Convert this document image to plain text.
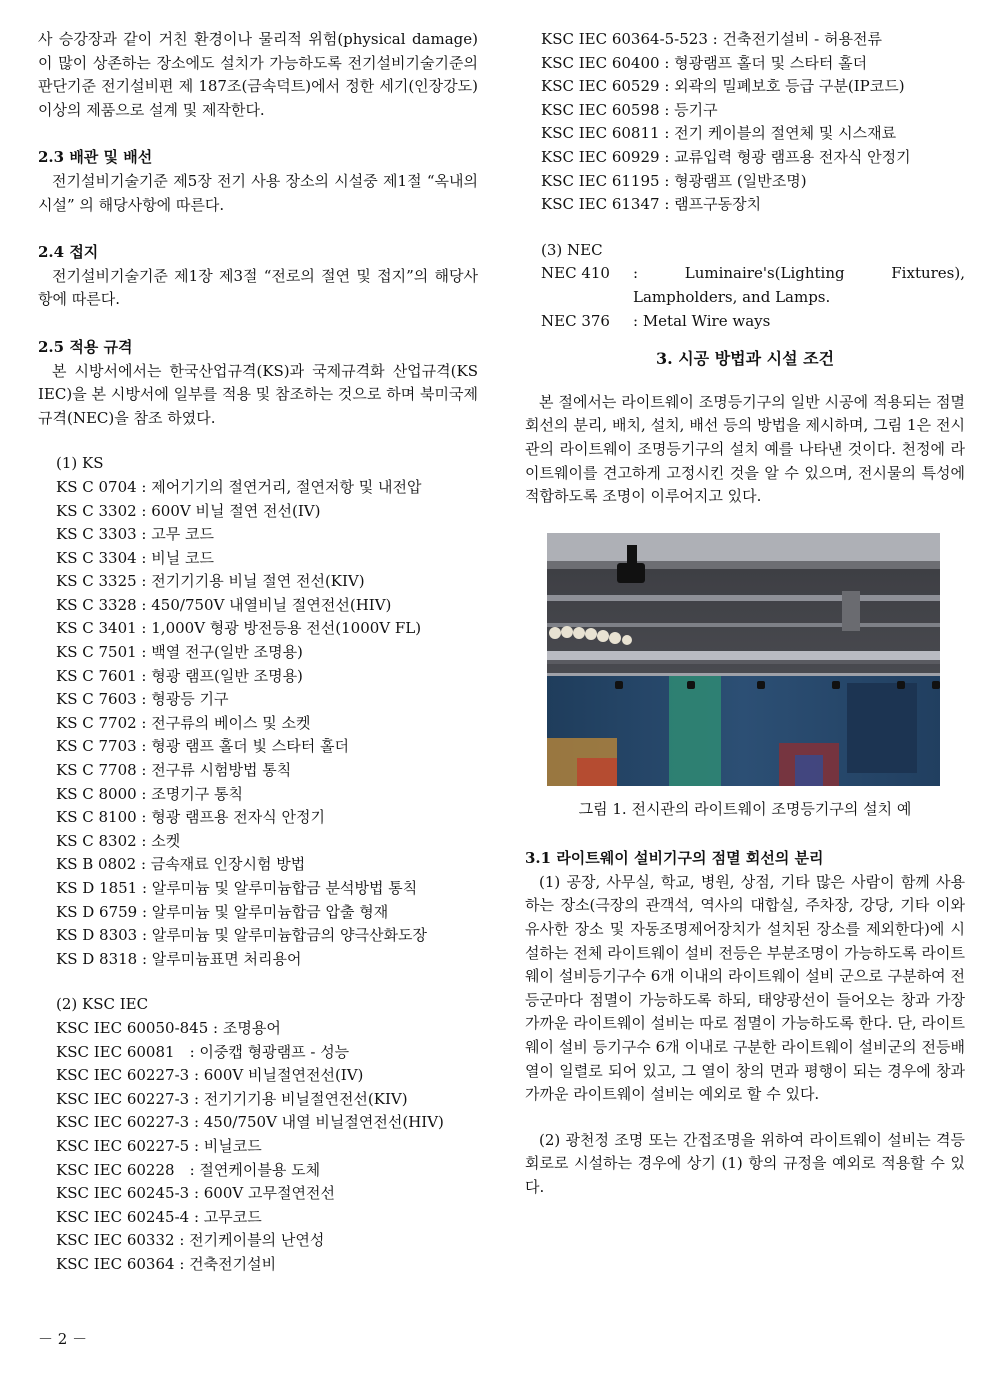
사 승강장과 같이 거친 환경이나 물리적 위험(physical damage)이 많이 상존하는 장소에도 설치가 가능하도록 전기설비기술기준의 판단기준 전기설비편 제 187조(금속덕트)에서 정한 세기(인장강도) 이상의 제품으로 설계 및 제작한다.

2.3 배관 및 배선

전기설비기술기준 제5장 전기 사용 장소의 시설중 제1절 “옥내의 시설” 의 해당사항에 따른다.

2.4 접지

전기설비기술기준 제1장 제3절 “전로의 절연 및 접지”의 해당사항에 따른다.

2.5 적용 규격

본 시방서에서는 한국산업규격(KS)과 국제규격화 산업규격(KS IEC)을 본 시방서에 일부를 적용 및 참조하는 것으로 하며 북미국제규격(NEC)을 참조 하였다.

(1) KS
KS C 0704 : 제어기기의 절연거리, 절연저항 및 내전압
KS C 3302 : 600V 비닐 절연 전선(IV)
KS C 3303 : 고무 코드
KS C 3304 : 비닐 코드
KS C 3325 : 전기기기용 비닐 절연 전선(KIV)
KS C 3328 : 450/750V 내열비닐 절연전선(HIV)
KS C 3401 : 1,000V 형광 방전등용 전선(1000V FL)
KS C 7501 : 백열 전구(일반 조명용)
KS C 7601 : 형광 램프(일반 조명용)
KS C 7603 : 형광등 기구
KS C 7702 : 전구류의 베이스 및 소켓
KS C 7703 : 형광 램프 홀더 빛 스타터 홀더
KS C 7708 : 전구류 시험방법 통칙
KS C 8000 : 조명기구 통칙
KS C 8100 : 형광 램프용 전자식 안정기
KS C 8302 : 소켓
KS B 0802 : 금속재료 인장시험 방법
KS D 1851 : 알루미늄 및 알루미늄합금 분석방법 통칙
KS D 6759 : 알루미늄 및 알루미늄합금 압출 형재
KS D 8303 : 알루미늄 및 알루미늄합금의 양극산화도장
KS D 8318 : 알루미늄표면 처리용어
(2) KSC IEC
KSC IEC 60050-845 : 조명용어
KSC IEC 60081　: 이중캡 형광램프 - 성능
KSC IEC 60227-3 : 600V 비닐절연전선(IV)
KSC IEC 60227-3 : 전기기기용 비닐절연전선(KIV)
KSC IEC 60227-3 : 450/750V 내열 비닐절연전선(HIV)
KSC IEC 60227-5 : 비닐코드
KSC IEC 60228　: 절연케이블용 도체
KSC IEC 60245-3 : 600V 고무절연전선
KSC IEC 60245-4 : 고무코드
KSC IEC 60332 : 전기케이블의 난연성
KSC IEC 60364 : 건축전기설비
KSC IEC 60364-5-523 : 건축전기설비 - 허용전류
KSC IEC 60400 : 형광램프 홀더 및 스타터 홀더
KSC IEC 60529 : 외곽의 밀폐보호 등급 구분(IP코드)
KSC IEC 60598 : 등기구
KSC IEC 60811 : 전기 케이블의 절연체 및 시스재료
KSC IEC 60929 : 교류입력 형광 램프용 전자식 안정기
KSC IEC 61195 : 형광램프 (일반조명)
KSC IEC 61347 : 램프구동장치
(3) NEC
NEC 410	: Luminaire's(Lighting Fixtures), Lampholders, and Lamps.
NEC 376	: Metal Wire ways

3. 시공 방법과 시설 조건

본 절에서는 라이트웨이 조명등기구의 일반 시공에 적용되는 점멸회선의 분리, 배치, 설치, 배선 등의 방법을 제시하며, 그림 1은 전시관의 라이트웨이 조명등기구의 설치 예를 나타낸 것이다. 천정에 라이트웨이를 견고하게 고정시킨 것을 알 수 있으며, 전시물의 특성에 적합하도록 조명이 이루어지고 있다.

그림 1. 전시관의 라이트웨이 조명등기구의 설치 예

3.1 라이트웨이 설비기구의 점멸 회선의 분리

(1) 공장, 사무실, 학교, 병원, 상점, 기타 많은 사람이 함께 사용하는 장소(극장의 관객석, 역사의 대합실, 주차장, 강당, 기타 이와 유사한 장소 및 자동조명제어장치가 설치된 장소를 제외한다)에 시설하는 전체 라이트웨이 설비 전등은 부분조명이 가능하도록 라이트웨이 설비등기구수 6개 이내의 라이트웨이 설비 군으로 구분하여 전등군마다 점멸이 가능하도록 하되, 태양광선이 들어오는 창과 가장 가까운 라이트웨이 설비는 따로 점멸이 가능하도록 한다. 단, 라이트웨이 설비 등기구수 6개 이내로 구분한 라이트웨이 설비군의 전등배열이 일렬로 되어 있고, 그 열이 창의 면과 평행이 되는 경우에 창과 가까운 라이트웨이 설비는 예외로 할 수 있다.

(2) 광천정 조명 또는 간접조명을 위하여 라이트웨이 설비는 격등 회로로 시설하는 경우에 상기 (1) 항의 규정을 예외로 적용할 수 있다.

－ 2 －
